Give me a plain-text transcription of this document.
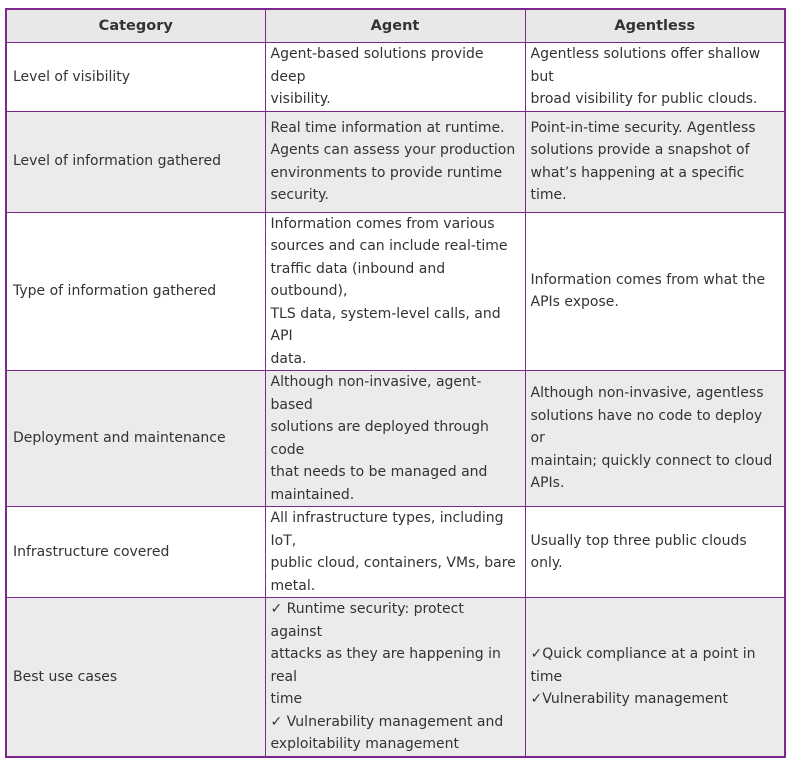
Category	Agent	Agentless
Level of visibility	Agent-based solutions provide deep
visibility.	Agentless solutions offer shallow but
broad visibility for public clouds.

Level of information gathered	Real time information at runtime.
Agents can assess your production
environments to provide runtime
security.	Point-in-time security. Agentless
solutions provide a snapshot of
what’s happening at a specific time.

Type of information gathered	Information comes from various
sources and can include real-time
traffic data (inbound and outbound),
TLS data, system-level calls, and API
data.	Information comes from what the
APIs expose.

Deployment and maintenance	Although non-invasive, agent-based
solutions are deployed through code
that needs to be managed and
maintained.	Although non-invasive, agentless
solutions have no code to deploy or
maintain; quickly connect to cloud
APIs.

Infrastructure covered	All infrastructure types, including IoT,
public cloud, containers, VMs, bare
metal.	Usually top three public clouds only.

Best use cases	✓ Runtime security: protect against
attacks as they are happening in real
time
✓ Vulnerability management and
exploitability management	✓Quick compliance at a point in time
✓Vulnerability management
